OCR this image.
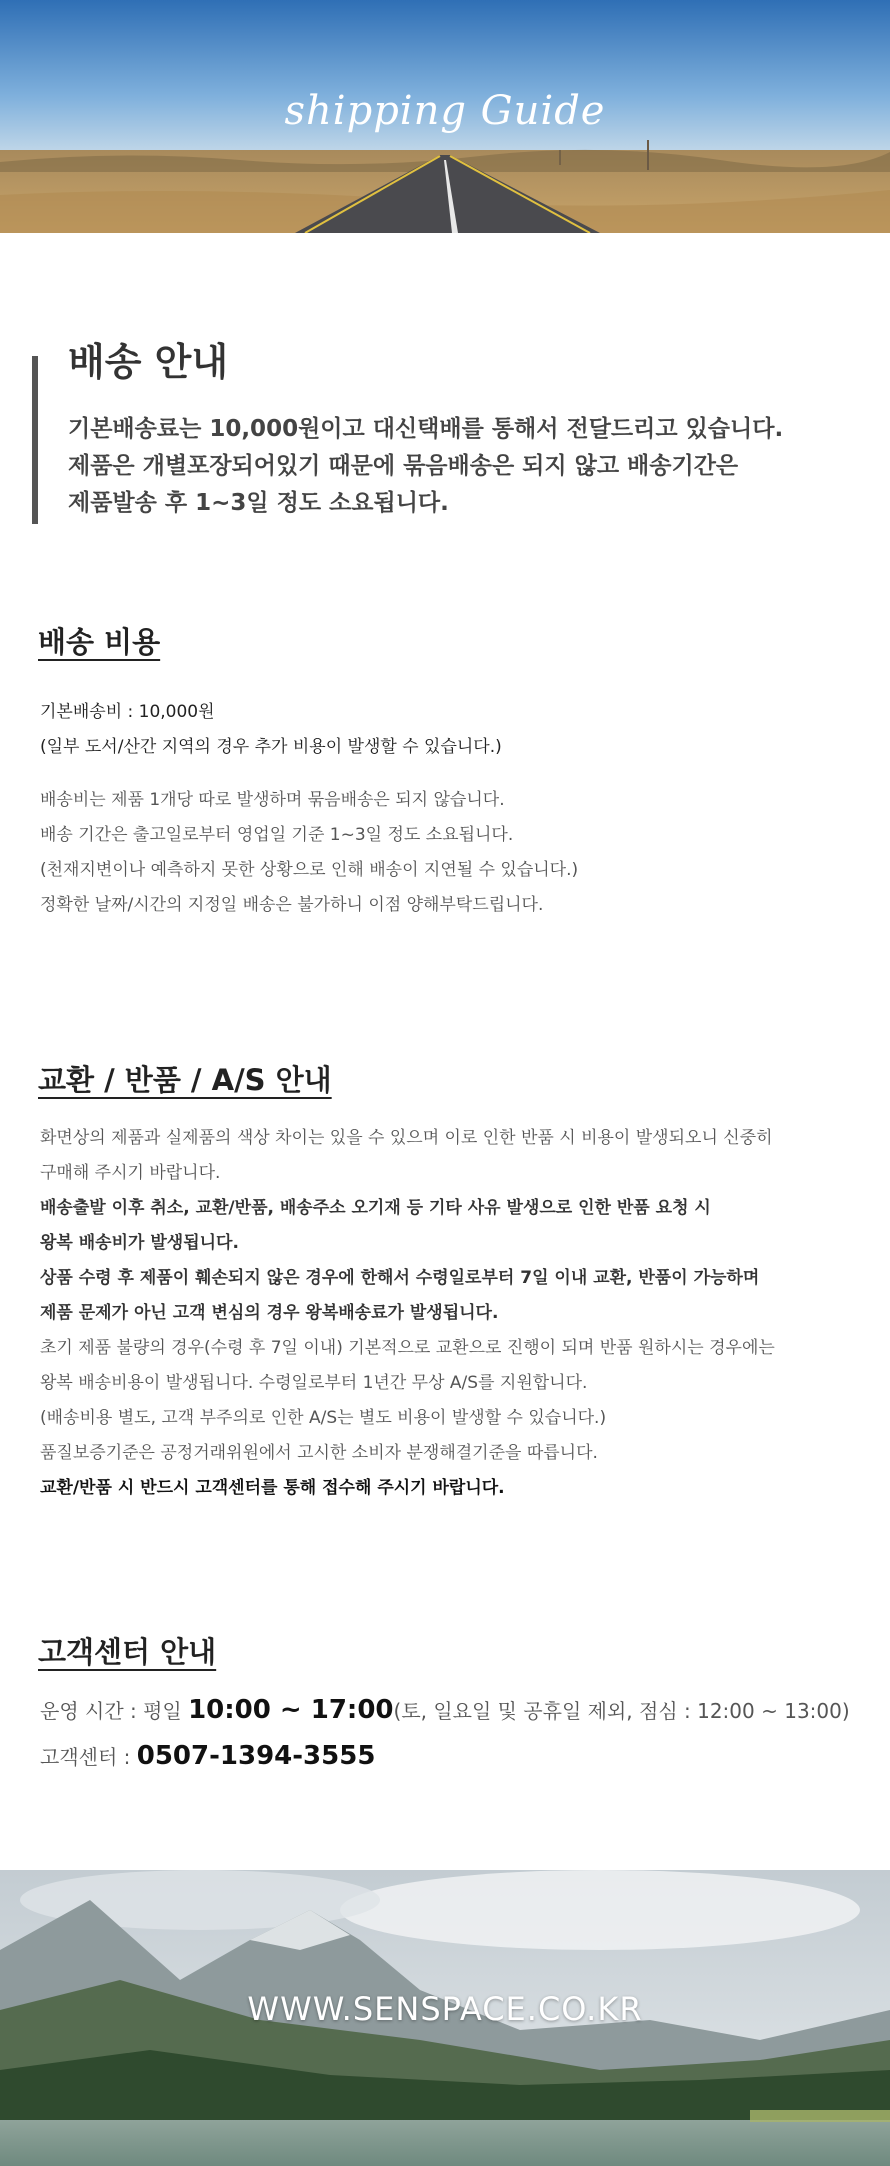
shipping Guide
배송 안내
기본배송료는 10,000원이고 대신택배를 통해서 전달드리고 있습니다.
제품은 개별포장되어있기 때문에 묶음배송은 되지 않고 배송기간은
제품발송 후 1~3일 정도 소요됩니다.
배송 비용
기본배송비 : 10,000원
(일부 도서/산간 지역의 경우 추가 비용이 발생할 수 있습니다.)
배송비는 제품 1개당 따로 발생하며 묶음배송은 되지 않습니다.
배송 기간은 출고일로부터 영업일 기준 1~3일 정도 소요됩니다.
(천재지변이나 예측하지 못한 상황으로 인해 배송이 지연될 수 있습니다.)
정확한 날짜/시간의 지정일 배송은 불가하니 이점 양해부탁드립니다.
교환 / 반품 / A/S 안내
화면상의 제품과 실제품의 색상 차이는 있을 수 있으며 이로 인한 반품 시 비용이 발생되오니 신중히
구매해 주시기 바랍니다.
배송출발 이후 취소, 교환/반품, 배송주소 오기재 등 기타 사유 발생으로 인한 반품 요청 시
왕복 배송비가 발생됩니다.
상품 수령 후 제품이 훼손되지 않은 경우에 한해서 수령일로부터 7일 이내 교환, 반품이 가능하며
제품 문제가 아닌 고객 변심의 경우 왕복배송료가 발생됩니다.
초기 제품 불량의 경우(수령 후 7일 이내) 기본적으로 교환으로 진행이 되며 반품 원하시는 경우에는
왕복 배송비용이 발생됩니다. 수령일로부터 1년간 무상 A/S를 지원합니다.
(배송비용 별도, 고객 부주의로 인한 A/S는 별도 비용이 발생할 수 있습니다.)
품질보증기준은 공정거래위원에서 고시한 소비자 분쟁해결기준을 따릅니다.
교환/반품 시 반드시 고객센터를 통해 접수해 주시기 바랍니다.
고객센터 안내
운영 시간 : 평일 10:00 ~ 17:00(토, 일요일 및 공휴일 제외, 점심 : 12:00 ~ 13:00)
고객센터 : 0507-1394-3555
WWW.SENSPACE.CO.KR
